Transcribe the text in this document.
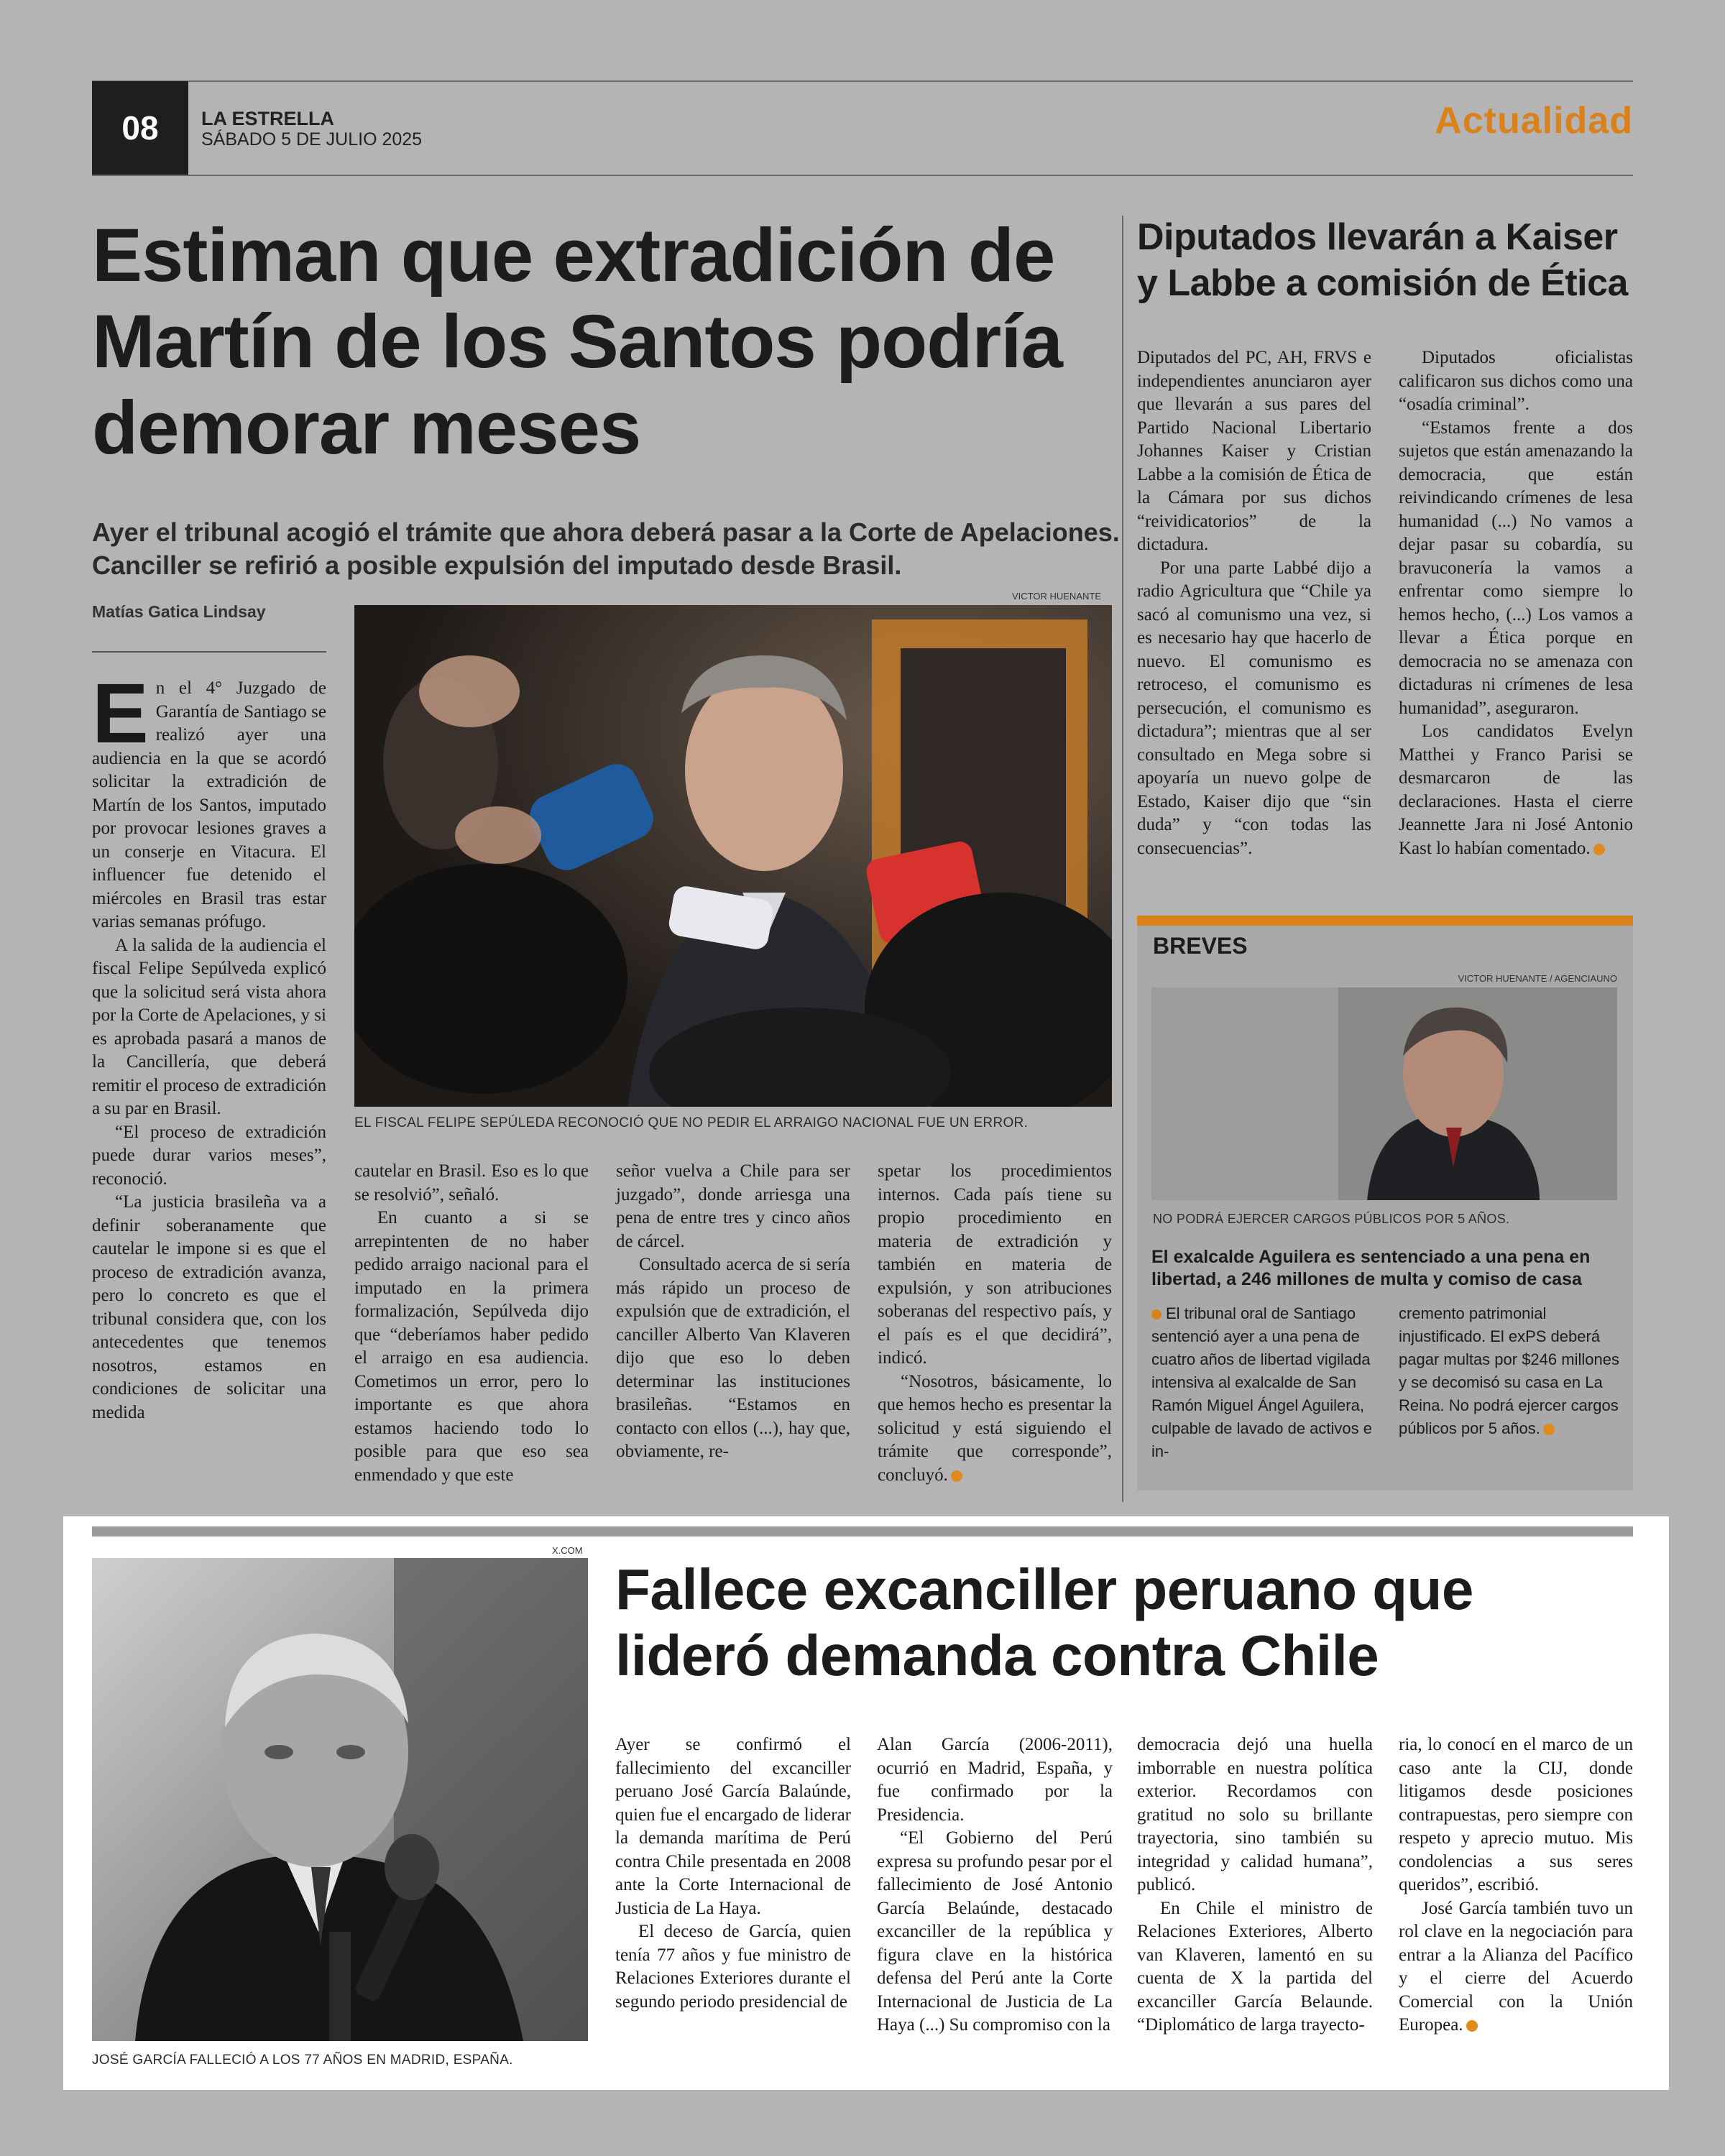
08 LA ESTRELLA
SÁBADO 5 DE JULIO 2025	Actualidad
Estiman que extradición de Martín de los Santos podría demorar meses
Ayer el tribunal acogió el trámite que ahora deberá pasar a la Corte de Apelaciones. Canciller se refirió a posible expulsión del imputado desde Brasil.
Matías Gatica Lindsay
VICTOR HUENANTE
EL FISCAL FELIPE SEPÚLEDA RECONOCIÓ QUE NO PEDIR EL ARRAIGO NACIONAL FUE UN ERROR.

En el 4° Juzgado de Garantía de Santiago se realizó ayer una audiencia en la que se acordó solicitar la extradición de Martín de los Santos, imputado por provocar lesiones graves a un conserje en Vitacura. El influencer fue detenido el miércoles en Brasil tras estar varias semanas prófugo.

A la salida de la audiencia el fiscal Felipe Sepúlveda explicó que la solicitud será vista ahora por la Corte de Apelaciones, y si es aprobada pasará a manos de la Cancillería, que deberá remitir el proceso de extradición a su par en Brasil.

“El proceso de extradición puede durar varios meses”, reconoció.

“La justicia brasileña va a definir soberanamente que cautelar le impone si es que el proceso de extradición avanza, pero lo concreto es que el tribunal considera que, con los antecedentes que tenemos nosotros, estamos en condiciones de solicitar una medida

cautelar en Brasil. Eso es lo que se resolvió”, señaló.

En cuanto a si se arrepintenten de no haber pedido arraigo nacional para el imputado en la primera formalización, Sepúlveda dijo que “deberíamos haber pedido el arraigo en esa audiencia. Cometimos un error, pero lo importante es que ahora estamos haciendo todo lo posible para que eso sea enmendado y que este

señor vuelva a Chile para ser juzgado”, donde arriesga una pena de entre tres y cinco años de cárcel.

Consultado acerca de si sería más rápido un proceso de expulsión que de extradición, el canciller Alberto Van Klaveren dijo que eso lo deben determinar las instituciones brasileñas. “Estamos en contacto con ellos (...), hay que, obviamente, re-

spetar los procedimientos internos. Cada país tiene su propio procedimiento en materia de extradición y también en materia de expulsión, y son atribuciones soberanas del respectivo país, y el país es el que decidirá”, indicó.

“Nosotros, básicamente, lo que hemos hecho es presentar la solicitud y está siguiendo el trámite que corresponde”, concluyó.

Diputados llevarán a Kaiser y Labbe a comisión de Ética

Diputados del PC, AH, FRVS e independientes anunciaron ayer que llevarán a sus pares del Partido Nacional Libertario Johannes Kaiser y Cristian Labbe a la comisión de Ética de la Cámara por sus dichos “reividicatorios” de la dictadura.

Por una parte Labbé dijo a radio Agricultura que “Chile ya sacó al comunismo una vez, si es necesario hay que hacerlo de nuevo. El comunismo es retroceso, el comunismo es persecución, el comunismo es dictadura”; mientras que al ser consultado en Mega sobre si apoyaría un nuevo golpe de Estado, Kaiser dijo que “sin duda” y “con todas las consecuencias”.

Diputados oficialistas calificaron sus dichos como una “osadía criminal”.

“Estamos frente a dos sujetos que están amenazando la democracia, que están reivindicando crímenes de lesa humanidad (...) No vamos a dejar pasar su cobardía, su bravuconería la vamos a enfrentar como siempre lo hemos hecho, (...) Los vamos a llevar a Ética porque en democracia no se amenaza con dictaduras ni crímenes de lesa humanidad”, aseguraron.

Los candidatos Evelyn Matthei y Franco Parisi se desmarcaron de las declaraciones. Hasta el cierre Jeannette Jara ni José Antonio Kast lo habían comentado.

BREVES
VICTOR HUENANTE / AGENCIAUNO
NO PODRÁ EJERCER CARGOS PÚBLICOS POR 5 AÑOS.
El exalcalde Aguilera es sentenciado a una pena en libertad, a 246 millones de multa y comiso de casa
El tribunal oral de Santiago sentenció ayer a una pena de cuatro años de libertad vigilada intensiva al exalcalde de San Ramón Miguel Ángel Aguilera, culpable de lavado de activos e in-
cremento patrimonial injustificado. El exPS deberá pagar multas por $246 millones y se decomisó su casa en La Reina. No podrá ejercer cargos públicos por 5 años.
X.COM
JOSÉ GARCÍA FALLECIÓ A LOS 77 AÑOS EN MADRID, ESPAÑA.
Fallece excanciller peruano que lideró demanda contra Chile

Ayer se confirmó el fallecimiento del excanciller peruano José García Balaúnde, quien fue el encargado de liderar la demanda marítima de Perú contra Chile presentada en 2008 ante la Corte Internacional de Justicia de La Haya.

El deceso de García, quien tenía 77 años y fue ministro de Relaciones Exteriores durante el segundo periodo presidencial de

Alan García (2006-2011), ocurrió en Madrid, España, y fue confirmado por la Presidencia.

“El Gobierno del Perú expresa su profundo pesar por el fallecimiento de José Antonio García Belaúnde, destacado excanciller de la república y figura clave en la histórica defensa del Perú ante la Corte Internacional de Justicia de La Haya (...) Su compromiso con la

democracia dejó una huella imborrable en nuestra política exterior. Recordamos con gratitud no solo su brillante trayectoria, sino también su integridad y calidad humana”, publicó.

En Chile el ministro de Relaciones Exteriores, Alberto van Klaveren, lamentó en su cuenta de X la partida del excanciller García Belaunde. “Diplomático de larga trayecto-

ria, lo conocí en el marco de un caso ante la CIJ, donde litigamos desde posiciones contrapuestas, pero siempre con respeto y aprecio mutuo. Mis condolencias a sus seres queridos”, escribió.

José García también tuvo un rol clave en la negociación para entrar a la Alianza del Pacífico y el cierre del Acuerdo Comercial con la Unión Europea.
